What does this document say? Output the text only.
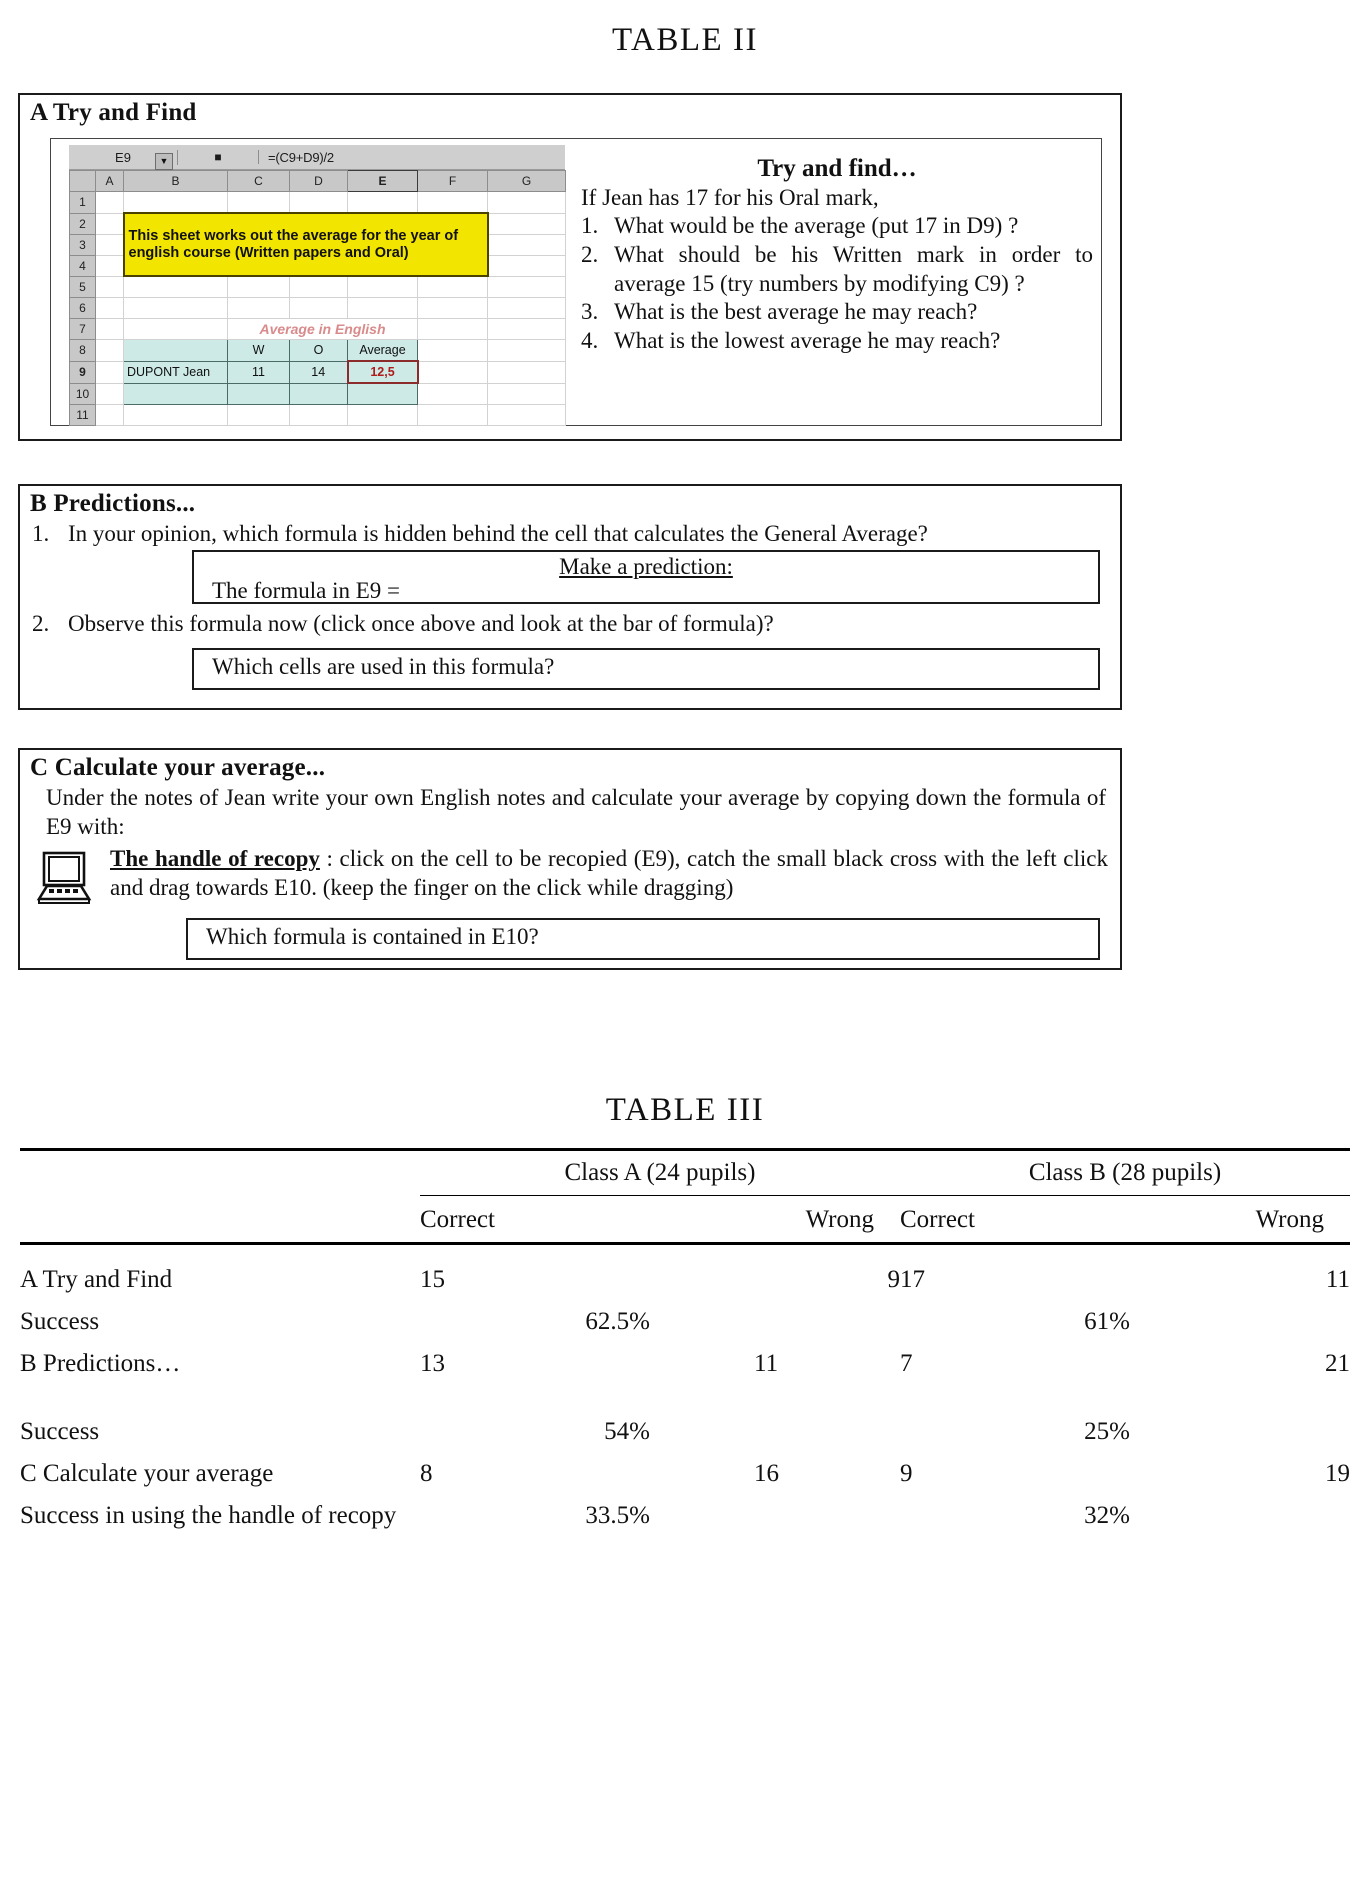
TABLE II
A Try and Find
E9	▼	■	=(C9+D9)/2
	A	B	C	D	E	F	G
1							
2		This sheet works out the average for the year of english course (Written papers and Oral)					
3							
4							
5							
6							
7			Average in English				
8			W	O	Average		
9		DUPONT Jean	11	14	12,5		
10							
11							
Try and find…
If Jean has 17 for his Oral mark,
1. What would be the average (put 17 in D9) ?
2. What should be his Written mark in order to average 15 (try numbers by modifying C9) ?
3. What is the best average he may reach?
4. What is the lowest average he may reach?
B Predictions...
1. In your opinion, which formula is hidden behind the cell that calculates the General Average?
Make a prediction:
The formula in E9 =
2. Observe this formula now (click once above and look at the bar of formula)?
Which cells are used in this formula?
C Calculate your average...
Under the notes of Jean write your own English notes and calculate your average by copying down the formula of E9 with:
The handle of recopy : click on the cell to be recopied (E9), catch the small black cross with the left click and drag towards E10. (keep the finger on the click while dragging)
Which formula is contained in E10?
TABLE III
	Class A (24 pupils)		Class B (28 pupils)	

	Correct	Wrong	Correct	Wrong

A Try and Find	15	9	17	11
Success	62.5%		61%	
B Predictions…	13	11	7	21

Success	54%		25%	
C Calculate your average	8	16	9	19
Success in using the handle of recopy	33.5%		32%	
